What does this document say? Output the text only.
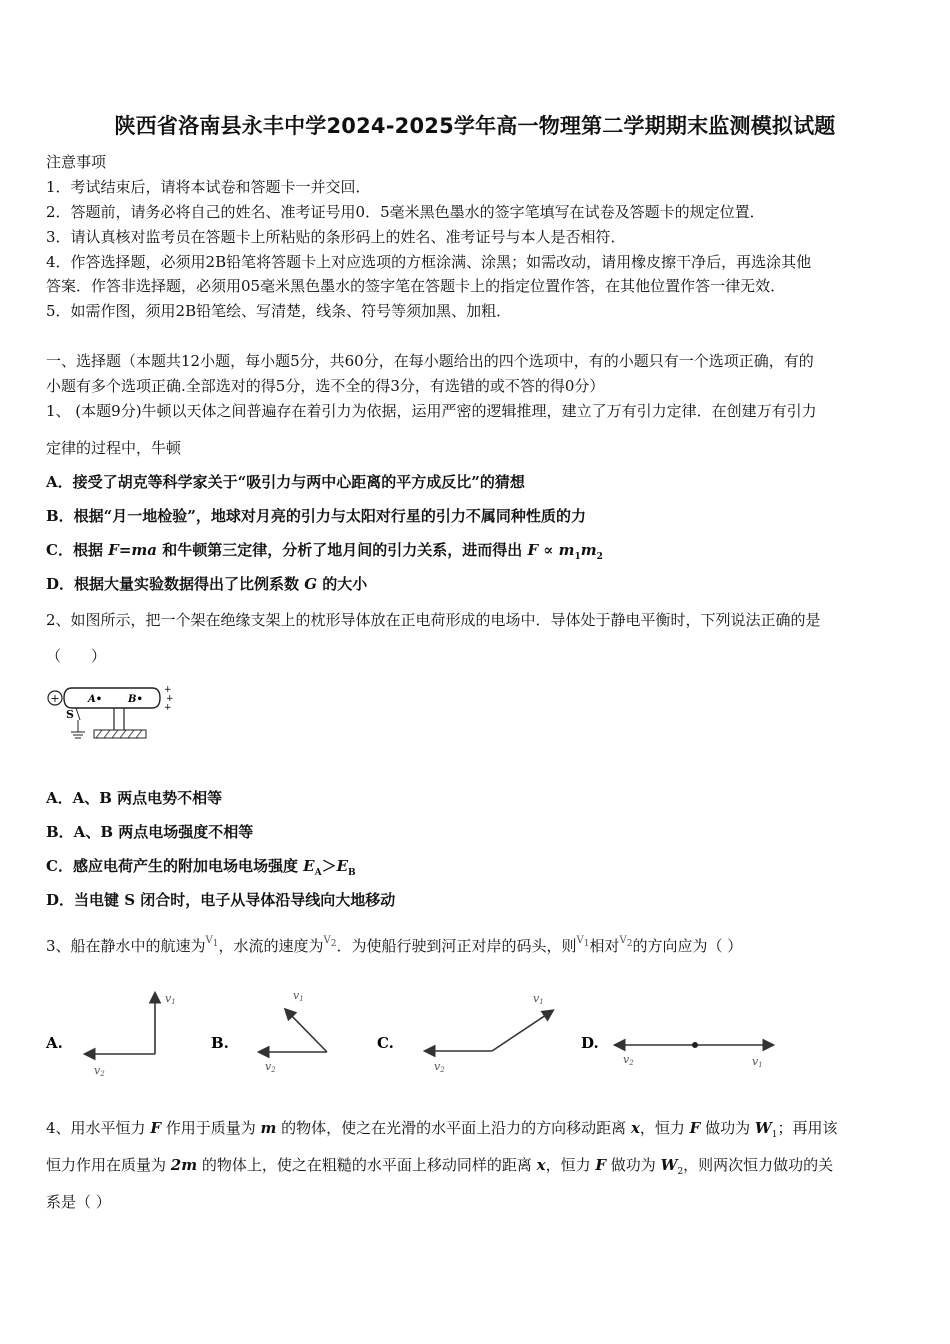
陕西省洛南县永丰中学2024-2025学年高一物理第二学期期末监测模拟试题
注意事项
1．考试结束后，请将本试卷和答题卡一并交回．
2．答题前，请务必将自己的姓名、准考证号用0．5毫米黑色墨水的签字笔填写在试卷及答题卡的规定位置．
3．请认真核对监考员在答题卡上所粘贴的条形码上的姓名、准考证号与本人是否相符．
4．作答选择题，必须用2B铅笔将答题卡上对应选项的方框涂满、涂黑；如需改动，请用橡皮擦干净后，再选涂其他
答案．作答非选择题，必须用05毫米黑色墨水的签字笔在答题卡上的指定位置作答，在其他位置作答一律无效．
5．如需作图，须用2B铅笔绘、写清楚，线条、符号等须加黑、加粗．
一、选择题（本题共12小题，每小题5分，共60分，在每小题给出的四个选项中，有的小题只有一个选项正确，有的
小题有多个选项正确.全部选对的得5分，选不全的得3分，有选错的或不答的得0分）
1、 (本题9分)牛顿以天体之间普遍存在着引力为依据，运用严密的逻辑推理，建立了万有引力定律．在创建万有引力
定律的过程中，牛顿
A．接受了胡克等科学家关于“吸引力与两中心距离的平方成反比”的猜想
B．根据“月一地检验”，地球对月亮的引力与太阳对行星的引力不属同种性质的力
C．根据 F=ma 和牛顿第三定律，分析了地月间的引力关系，进而得出 $F \propto m_1m_2$
D．根据大量实验数据得出了比例系数 G 的大小
2、如图所示，把一个架在绝缘支架上的枕形导体放在正电荷形成的电场中．导体处于静电平衡时，下列说法正确的是
（　　）
+	A•	B•
+
+
+
S
A．A、B 两点电势不相等
B．A、B 两点电场强度不相等
C．感应电荷产生的附加电场电场强度 $E_A>E_B$
D．当电键 S 闭合时，电子从导体沿导线向大地移动
3、船在静水中的航速为$^{V_1}$，水流的速度为$^{V_2}$．为使船行驶到河正对岸的码头，则$^{V_1}$相对$^{V_2}$的方向应为（ ）
A.
v1
v2
B.
v1
v2
C.
v1
v2
D.
v1
v2
4、用水平恒力 F 作用于质量为 m 的物体，使之在光滑的水平面上沿力的方向移动距离 x，恒力 F 做功为 $W_1$；再用该
恒力作用在质量为 2m 的物体上，使之在粗糙的水平面上移动同样的距离 x，恒力 F 做功为 $W_2$，则两次恒力做功的关
系是（ ）
